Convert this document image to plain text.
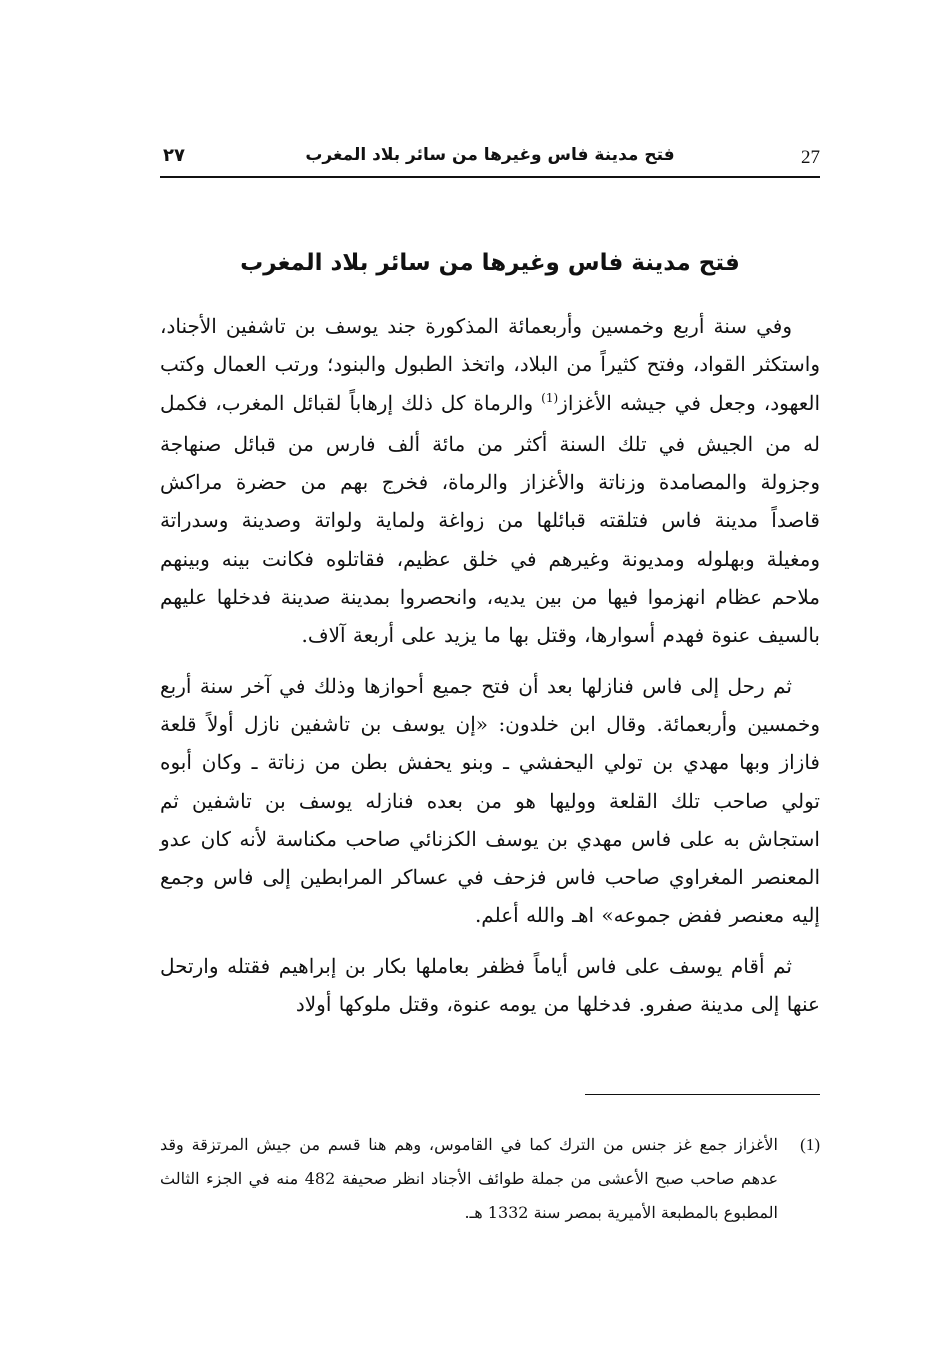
27
فتح مدينة فاس وغيرها من سائر بلاد المغرب
٢٧
فتح مدينة فاس وغيرها من سائر بلاد المغرب

وفي سنة أربع وخمسين وأربعمائة المذكورة جند يوسف بن تاشفين الأجناد، واستكثر القواد، وفتح كثيراً من البلاد، واتخذ الطبول والبنود؛ ورتب العمال وكتب العهود، وجعل في جيشه الأغزاز$^{(1)}$ والرماة كل ذلك إرهاباً لقبائل المغرب، فكمل له من الجيش في تلك السنة أكثر من مائة ألف فارس من قبائل صنهاجة وجزولة والمصامدة وزناتة والأغزاز والرماة، فخرج بهم من حضرة مراكش قاصداً مدينة فاس فتلقته قبائلها من زواغة ولماية ولواتة وصدينة وسدراتة ومغيلة وبهلوله ومديونة وغيرهم في خلق عظيم، فقاتلوه فكانت بينه وبينهم ملاحم عظام انهزموا فيها من بين يديه، وانحصروا بمدينة صدينة فدخلها عليهم بالسيف عنوة فهدم أسوارها، وقتل بها ما يزيد على أربعة آلاف.

ثم رحل إلى فاس فنازلها بعد أن فتح جميع أحوازها وذلك في آخر سنة أربع وخمسين وأربعمائة. وقال ابن خلدون: «إن يوسف بن تاشفين نازل أولاً قلعة فازاز وبها مهدي بن تولي اليحفشي ـ وبنو يحفش بطن من زناتة ـ وكان أبوه تولي صاحب تلك القلعة ووليها هو من بعده فنازله يوسف بن تاشفين ثم استجاش به على فاس مهدي بن يوسف الكزنائي صاحب مكناسة لأنه كان عدو المعنصر المغراوي صاحب فاس فزحف في عساكر المرابطين إلى فاس وجمع إليه معنصر ففض جموعه» اهـ والله أعلم.

ثم أقام يوسف على فاس أياماً فظفر بعاملها بكار بن إبراهيم فقتله وارتحل عنها إلى مدينة صفرو. فدخلها من يومه عنوة، وقتل ملوكها أولاد

(1)
الأغزاز جمع غز جنس من الترك كما في القاموس، وهم هنا قسم من جيش المرتزقة وقد عدهم صاحب صبح الأعشى من جملة طوائف الأجناد انظر صحيفة 482 منه في الجزء الثالث المطبوع بالمطبعة الأميرية بمصر سنة 1332 هـ.
